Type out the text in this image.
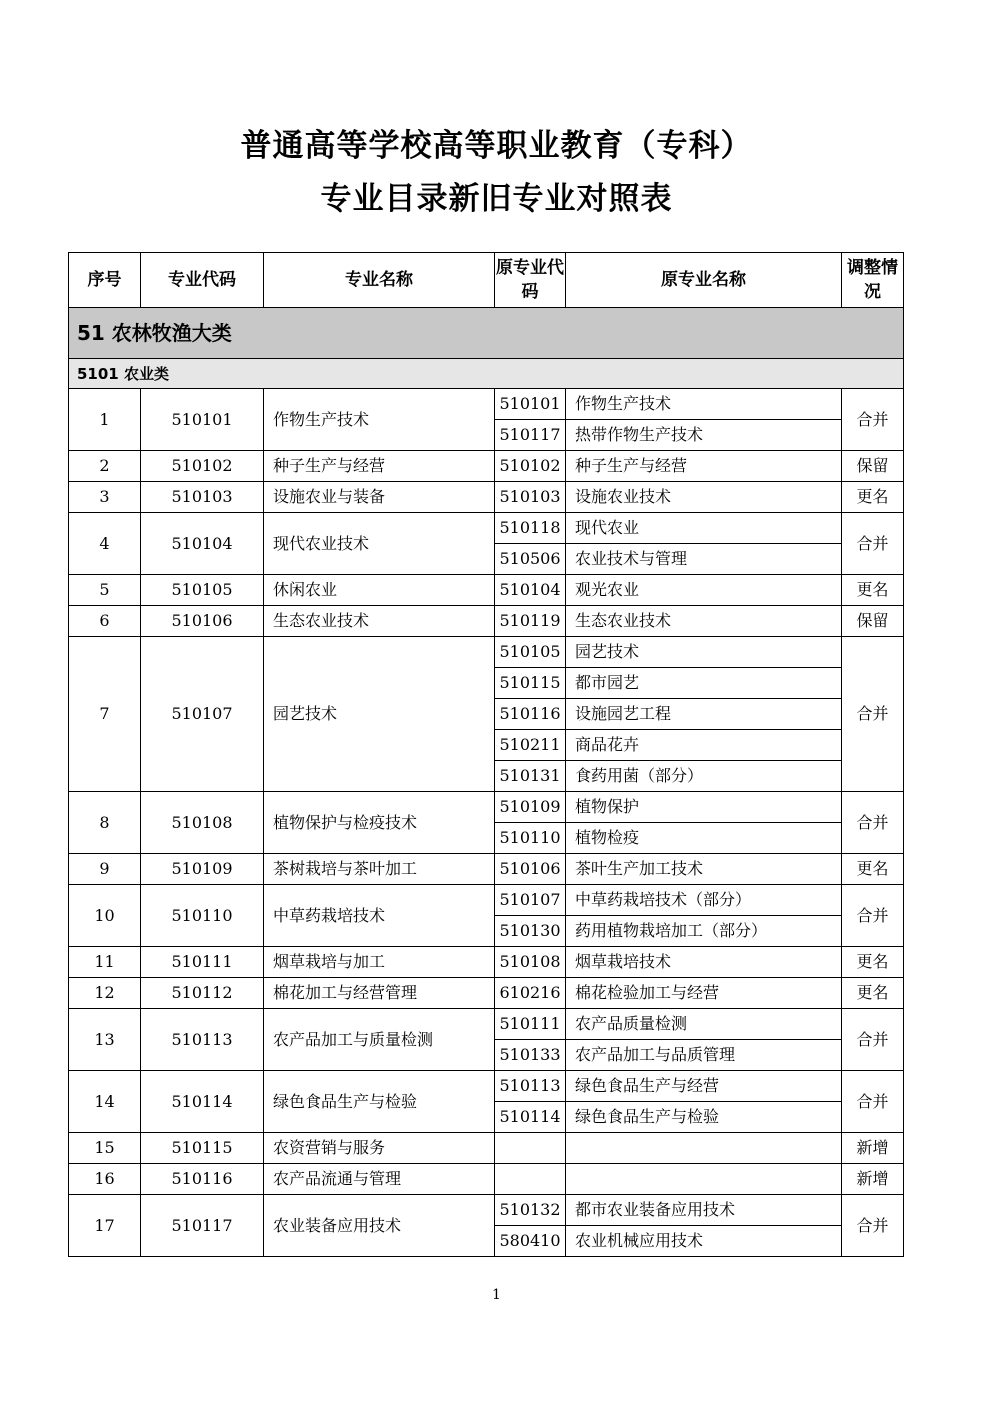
普通高等学校高等职业教育（专科）
专业目录新旧专业对照表
序号	专业代码	专业名称	原专业代码	原专业名称	调整情况
51 农林牧渔大类					
5101 农业类					
1	510101	作物生产技术	510101	作物生产技术	合并
			510117	热带作物生产技术	
2	510102	种子生产与经营	510102	种子生产与经营	保留
3	510103	设施农业与装备	510103	设施农业技术	更名
4	510104	现代农业技术	510118	现代农业	合并
			510506	农业技术与管理	
5	510105	休闲农业	510104	观光农业	更名
6	510106	生态农业技术	510119	生态农业技术	保留
7	510107	园艺技术	510105	园艺技术	合并
			510115	都市园艺	
			510116	设施园艺工程	
			510211	商品花卉	
			510131	食药用菌（部分）	
8	510108	植物保护与检疫技术	510109	植物保护	合并
			510110	植物检疫	
9	510109	茶树栽培与茶叶加工	510106	茶叶生产加工技术	更名
10	510110	中草药栽培技术	510107	中草药栽培技术（部分）	合并
			510130	药用植物栽培加工（部分）	
11	510111	烟草栽培与加工	510108	烟草栽培技术	更名
12	510112	棉花加工与经营管理	610216	棉花检验加工与经营	更名
13	510113	农产品加工与质量检测	510111	农产品质量检测	合并
			510133	农产品加工与品质管理	
14	510114	绿色食品生产与检验	510113	绿色食品生产与经营	合并
			510114	绿色食品生产与检验	
15	510115	农资营销与服务			新增
16	510116	农产品流通与管理			新增
17	510117	农业装备应用技术	510132	都市农业装备应用技术	合并
			580410	农业机械应用技术	
1
